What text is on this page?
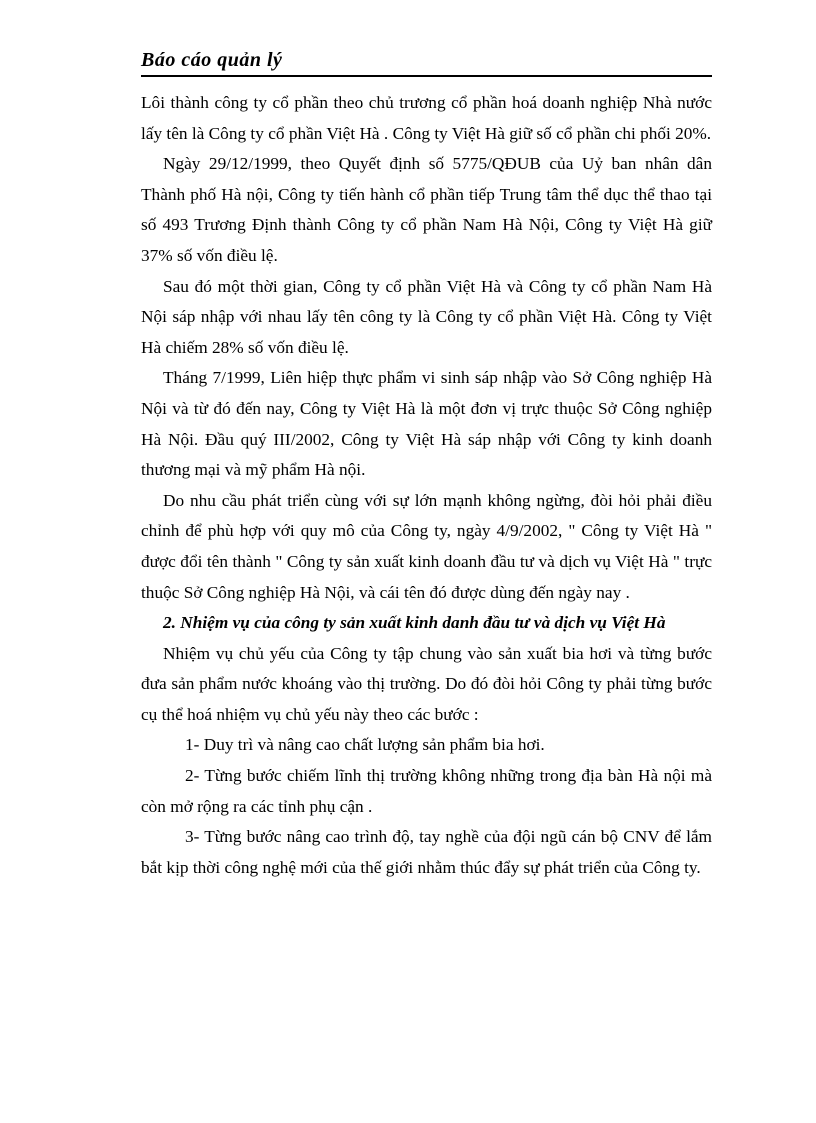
Báo cáo quản lý

Lôi thành công ty cổ phần theo chủ trương cổ phần hoá doanh nghiệp Nhà nước lấy tên là Công ty cổ phần Việt Hà . Công ty Việt Hà giữ số cổ phần chi phối 20%.

Ngày 29/12/1999, theo Quyết định số 5775/QĐUB của Uỷ ban nhân dân Thành phố Hà nội, Công ty tiến hành cổ phần tiếp Trung tâm thể dục thể thao tại số 493 Trương Định thành Công ty cổ phần Nam Hà Nội, Công ty Việt Hà giữ 37% số vốn điều lệ.

Sau đó một thời gian, Công ty cổ phần Việt Hà và Công ty cổ phần Nam Hà Nội sáp nhập với nhau lấy tên công ty là Công ty cổ phần Việt Hà. Công ty Việt Hà chiếm 28% số vốn điều lệ.

Tháng 7/1999, Liên hiệp thực phẩm vi sinh sáp nhập vào Sở Công nghiệp Hà Nội và từ đó đến nay, Công ty Việt Hà là một đơn vị trực thuộc Sở Công nghiệp Hà Nội. Đầu quý III/2002, Công ty Việt Hà sáp nhập với Công ty kinh doanh thương mại và mỹ phẩm Hà nội.

Do nhu cầu phát triển cùng với sự lớn mạnh không ngừng, đòi hỏi phải điều chỉnh để phù hợp với quy mô của Công ty, ngày 4/9/2002, " Công ty Việt Hà " được đổi tên thành " Công ty sản xuất kinh doanh đầu tư và dịch vụ Việt Hà " trực thuộc Sở Công nghiệp Hà Nội, và cái tên đó được dùng đến ngày nay .

2. Nhiệm vụ của công ty sản xuất kinh danh đầu tư và dịch vụ Việt Hà

Nhiệm vụ chủ yếu của Công ty tập chung vào sản xuất bia hơi và từng bước đưa sản phẩm nước khoáng vào thị trường. Do đó đòi hỏi Công ty phải từng bước cụ thể hoá nhiệm vụ chủ yếu này theo các bước :

1- Duy trì và nâng cao chất lượng sản phẩm bia hơi.

2- Từng bước chiếm lĩnh thị trường không những trong địa bàn Hà nội mà còn mở rộng ra các tỉnh phụ cận .

3- Từng bước nâng cao trình độ, tay nghề của đội ngũ cán bộ CNV để lắm bắt kịp thời công nghệ mới của thế giới nhằm thúc đẩy sự phát triển của Công ty.
